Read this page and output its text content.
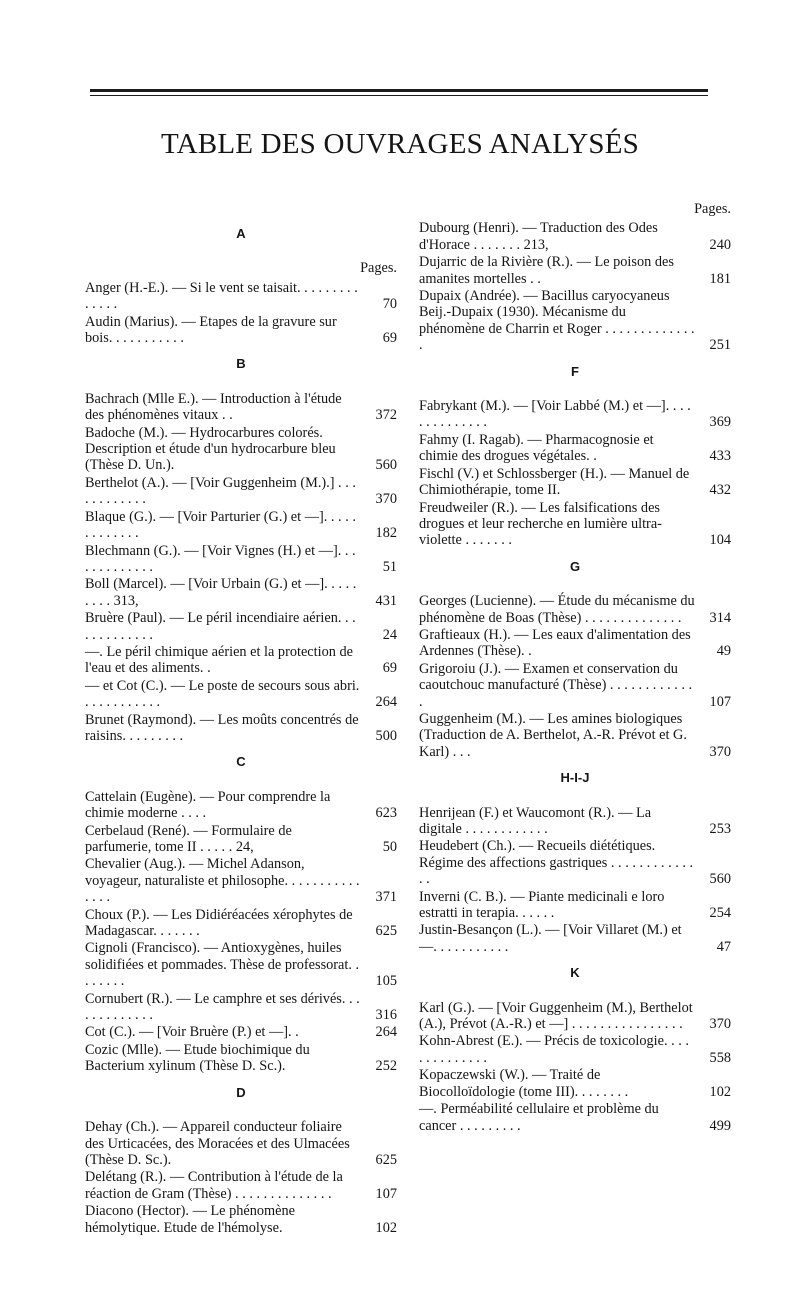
TABLE DES OUVRAGES ANALYSÉS
A
Pages.
Anger (H.-E.). — Si le vent se taisait. . . . . . . . . . . . . .	70
Audin (Marius). — Etapes de la gravure sur bois. . . . . . . . . . .	69
B
Bachrach (Mlle E.). — Introduction à l'étude des phénomènes vitaux . .	372
Badoche (M.). — Hydrocarbures colorés. Description et étude d'un hydrocarbure bleu (Thèse D. Un.).	560
Berthelot (A.). — [Voir Guggenheim (M.).] . . . . . . . . . . . .	370
Blaque (G.). — [Voir Parturier (G.) et —]. . . . . . . . . . . . .	182
Blechmann (G.). — [Voir Vignes (H.) et —]. . . . . . . . . . . . .	51
Boll (Marcel). — [Voir Urbain (G.) et —]. . . . . . . . . 313,	431
Bruère (Paul). — Le péril incendiaire aérien. . . . . . . . . . . . .	24
—. Le péril chimique aérien et la protection de l'eau et des aliments. .	69
— et Cot (C.). — Le poste de secours sous abri. . . . . . . . . . . .	264
Brunet (Raymond). — Les moûts concentrés de raisins. . . . . . . . .	500
C
Cattelain (Eugène). — Pour comprendre la chimie moderne . . . .	623
Cerbelaud (René). — Formulaire de parfumerie, tome II . . . . . 24,	50
Chevalier (Aug.). — Michel Adanson, voyageur, naturaliste et philosophe. . . . . . . . . . . . . . .	371
Choux (P.). — Les Didiéréacées xérophytes de Madagascar. . . . . . .	625
Cignoli (Francisco). — Antioxygènes, huiles solidifiées et pommades. Thèse de professorat. . . . . . . .	105
Cornubert (R.). — Le camphre et ses dérivés. . . . . . . . . . . . .	316
Cot (C.). — [Voir Bruère (P.) et —]. .	264
Cozic (Mlle). — Etude biochimique du Bacterium xylinum (Thèse D. Sc.).	252
D
Dehay (Ch.). — Appareil conducteur foliaire des Urticacées, des Moracées et des Ulmacées (Thèse D. Sc.).	625
Delétang (R.). — Contribution à l'étude de la réaction de Gram (Thèse) . . . . . . . . . . . . . .	107
Diacono (Hector). — Le phénomène hémolytique. Etude de l'hémolyse.	102
Pages.
Dubourg (Henri). — Traduction des Odes d'Horace . . . . . . . 213,	240
Dujarric de la Rivière (R.). — Le poison des amanites mortelles . .	181
Dupaix (Andrée). — Bacillus caryocyaneus Beij.-Dupaix (1930). Mécanisme du phénomène de Charrin et Roger . . . . . . . . . . . . . .	251
F
Fabrykant (M.). — [Voir Labbé (M.) et —]. . . . . . . . . . . . . .	369
Fahmy (I. Ragab). — Pharmacognosie et chimie des drogues végétales. .	433
Fischl (V.) et Schlossberger (H.). — Manuel de Chimiothérapie, tome II.	432
Freudweiler (R.). — Les falsifications des drogues et leur recherche en lumière ultra-violette . . . . . . .	104
G
Georges (Lucienne). — Étude du mécanisme du phénomène de Boas (Thèse) . . . . . . . . . . . . . .	314
Graftieaux (H.). — Les eaux d'alimentation des Ardennes (Thèse). .	49
Grigoroiu (J.). — Examen et conservation du caoutchouc manufacturé (Thèse) . . . . . . . . . . . . .	107
Guggenheim (M.). — Les amines biologiques (Traduction de A. Berthelot, A.-R. Prévot et G. Karl) . . .	370
H-I-J
Henrijean (F.) et Waucomont (R.). — La digitale . . . . . . . . . . . .	253
Heudebert (Ch.). — Recueils diététiques. Régime des affections gastriques . . . . . . . . . . . . . .	560
Inverni (C. B.). — Piante medicinali e loro estratti in terapia. . . . . .	254
Justin-Besançon (L.). — [Voir Villaret (M.) et —. . . . . . . . . . .	47
K
Karl (G.). — [Voir Guggenheim (M.), Berthelot (A.), Prévot (A.-R.) et —] . . . . . . . . . . . . . . . .	370
Kohn-Abrest (E.). — Précis de toxicologie. . . . . . . . . . . . . .	558
Kopaczewski (W.). — Traité de Biocolloïdologie (tome III). . . . . . . .	102
—. Perméabilité cellulaire et problème du cancer . . . . . . . . .	499
